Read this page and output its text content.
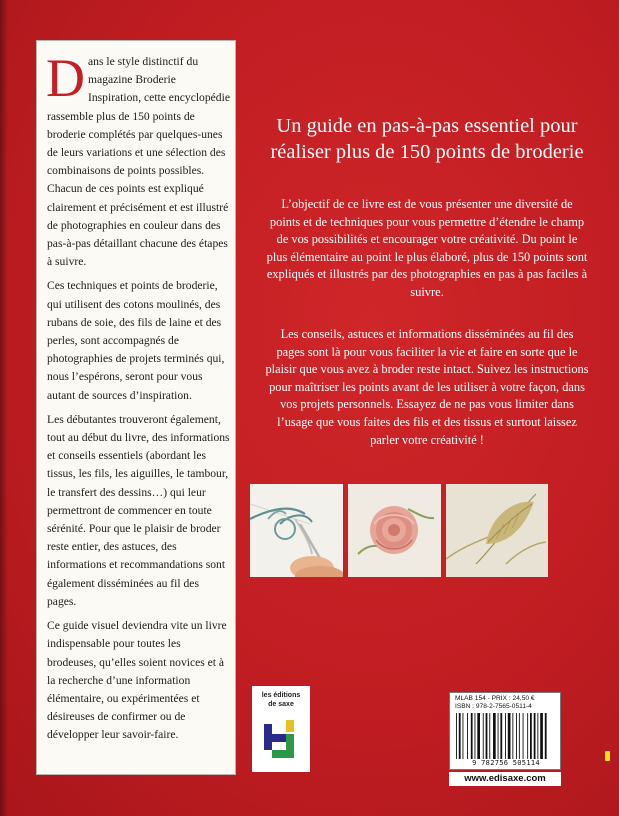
Dans le style distinctif du magazine Broderie Inspiration, cette encyclopédie rassemble plus de 150 points de broderie complétés par quelques-unes de leurs variations et une sélection des combinaisons de points possibles. Chacun de ces points est expliqué clairement et précisément et est illustré de photographies en couleur dans des pas-à-pas détaillant chacune des étapes à suivre.

Ces techniques et points de broderie, qui utilisent des cotons moulinés, des rubans de soie, des fils de laine et des perles, sont accompagnés de photographies de projets terminés qui, nous l’espérons, seront pour vous autant de sources d’inspiration.

Les débutantes trouveront également, tout au début du livre, des informations et conseils essentiels (abordant les tissus, les fils, les aiguilles, le tambour, le transfert des dessins…) qui leur permettront de commencer en toute sérénité. Pour que le plaisir de broder reste entier, des astuces, des informations et recommandations sont également disséminées au fil des pages.

Ce guide visuel deviendra vite un livre indispensable pour toutes les brodeuses, qu’elles soient novices et à la recherche d’une information élémentaire, ou expérimentées et désireuses de confirmer ou de développer leur savoir-faire.

Un guide en pas-à-pas essentiel pour réaliser plus de 150 points de broderie
L’objectif de ce livre est de vous présenter une diversité de points et de techniques pour vous permettre d’étendre le champ de vos possibilités et encourager votre créativité. Du point le plus élémentaire au point le plus élaboré, plus de 150 points sont expliqués et illustrés par des photographies en pas à pas faciles à suivre.
Les conseils, astuces et informations disséminées au fil des pages sont là pour vous faciliter la vie et faire en sorte que le plaisir que vous avez à broder reste intact. Suivez les instructions pour maîtriser les points avant de les utiliser à votre façon, dans vos projets personnels. Essayez de ne pas vous limiter dans l’usage que vous faites des fils et des tissus et surtout laissez parler votre créativité !
les éditions
de saxe
MLAB 154 - PRIX : 24,50 €
ISBN : 978-2-7565-0511-4
9 782756 505114
www.edisaxe.com
